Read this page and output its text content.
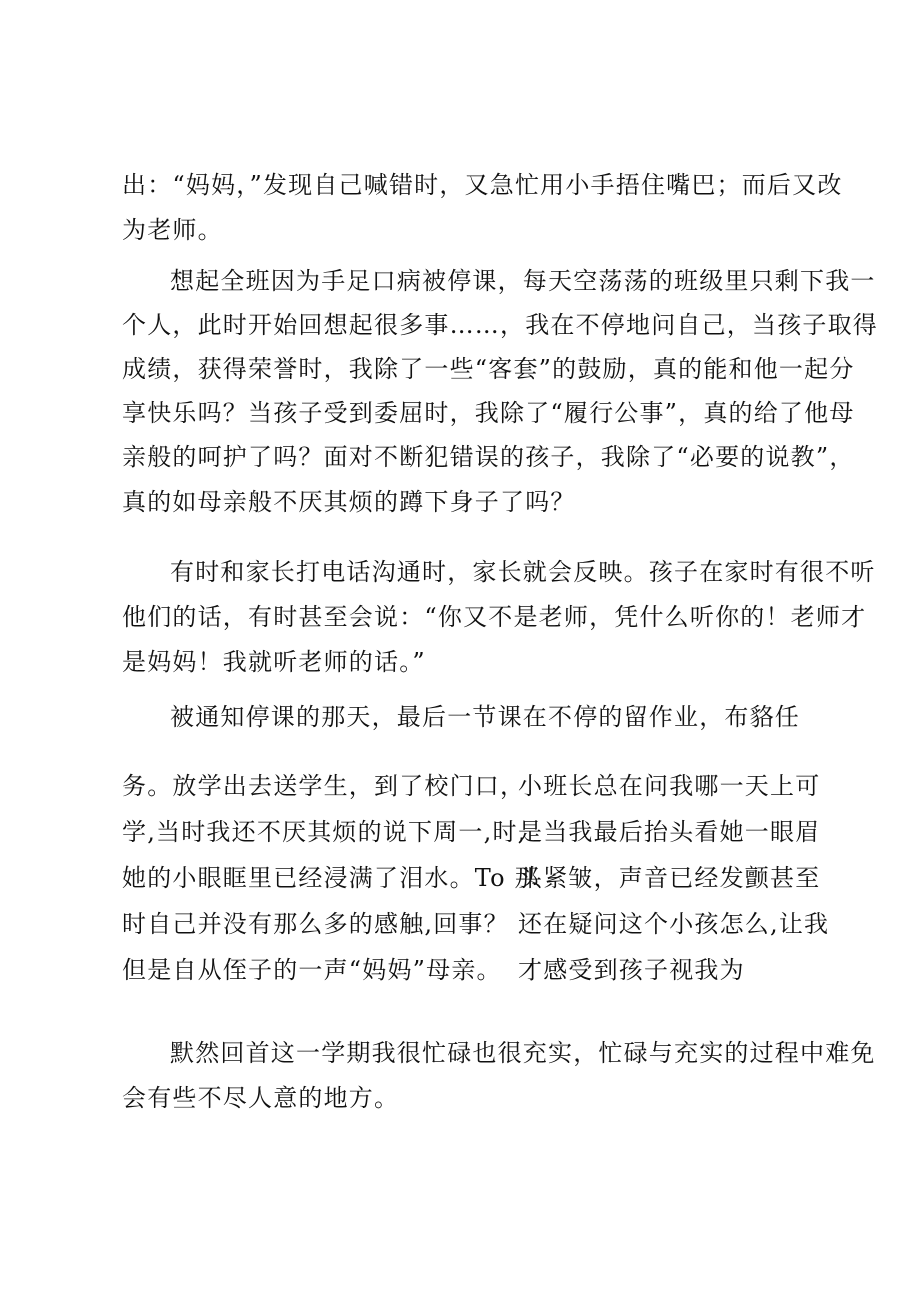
出：“妈妈，”发现自己喊错时，又急忙用小手捂住嘴巴；而后又改
为老师。
想起全班因为手足口病被停课，每天空荡荡的班级里只剩下我一
个人，此时开始回想起很多事……，我在不停地问自己，当孩子取得
成绩，获得荣誉时，我除了一些“客套”的鼓励，真的能和他一起分
享快乐吗？当孩子受到委屈时，我除了“履行公事”，真的给了他母
亲般的呵护了吗？面对不断犯错误的孩子，我除了“必要的说教”，
真的如母亲般不厌其烦的蹲下身子了吗？
有时和家长打电话沟通时，家长就会反映。孩子在家时有很不听
他们的话，有时甚至会说：“你又不是老师，凭什么听你的！老师才
是妈妈！我就听老师的话。”
被通知停课的那天，最后一节课在不停的留作业，布貉任
务。放学出去送学生，到了校门口，
学,当时我还不厌其烦的说下周一,时,
她的小眼眶里已经浸满了泪水。To 那
时自己并没有那么多的感触,回事？
但是自从侄子的一声“妈妈”母亲。
小班长总在问我哪一天上可
是当我最后抬头看她一眼眉
头紧皱，声音已经发颤甚至
还在疑问这个小孩怎么,让我
才感受到孩子视我为
默然回首这一学期我很忙碌也很充实，忙碌与充实的过程中难免
会有些不尽人意的地方。
